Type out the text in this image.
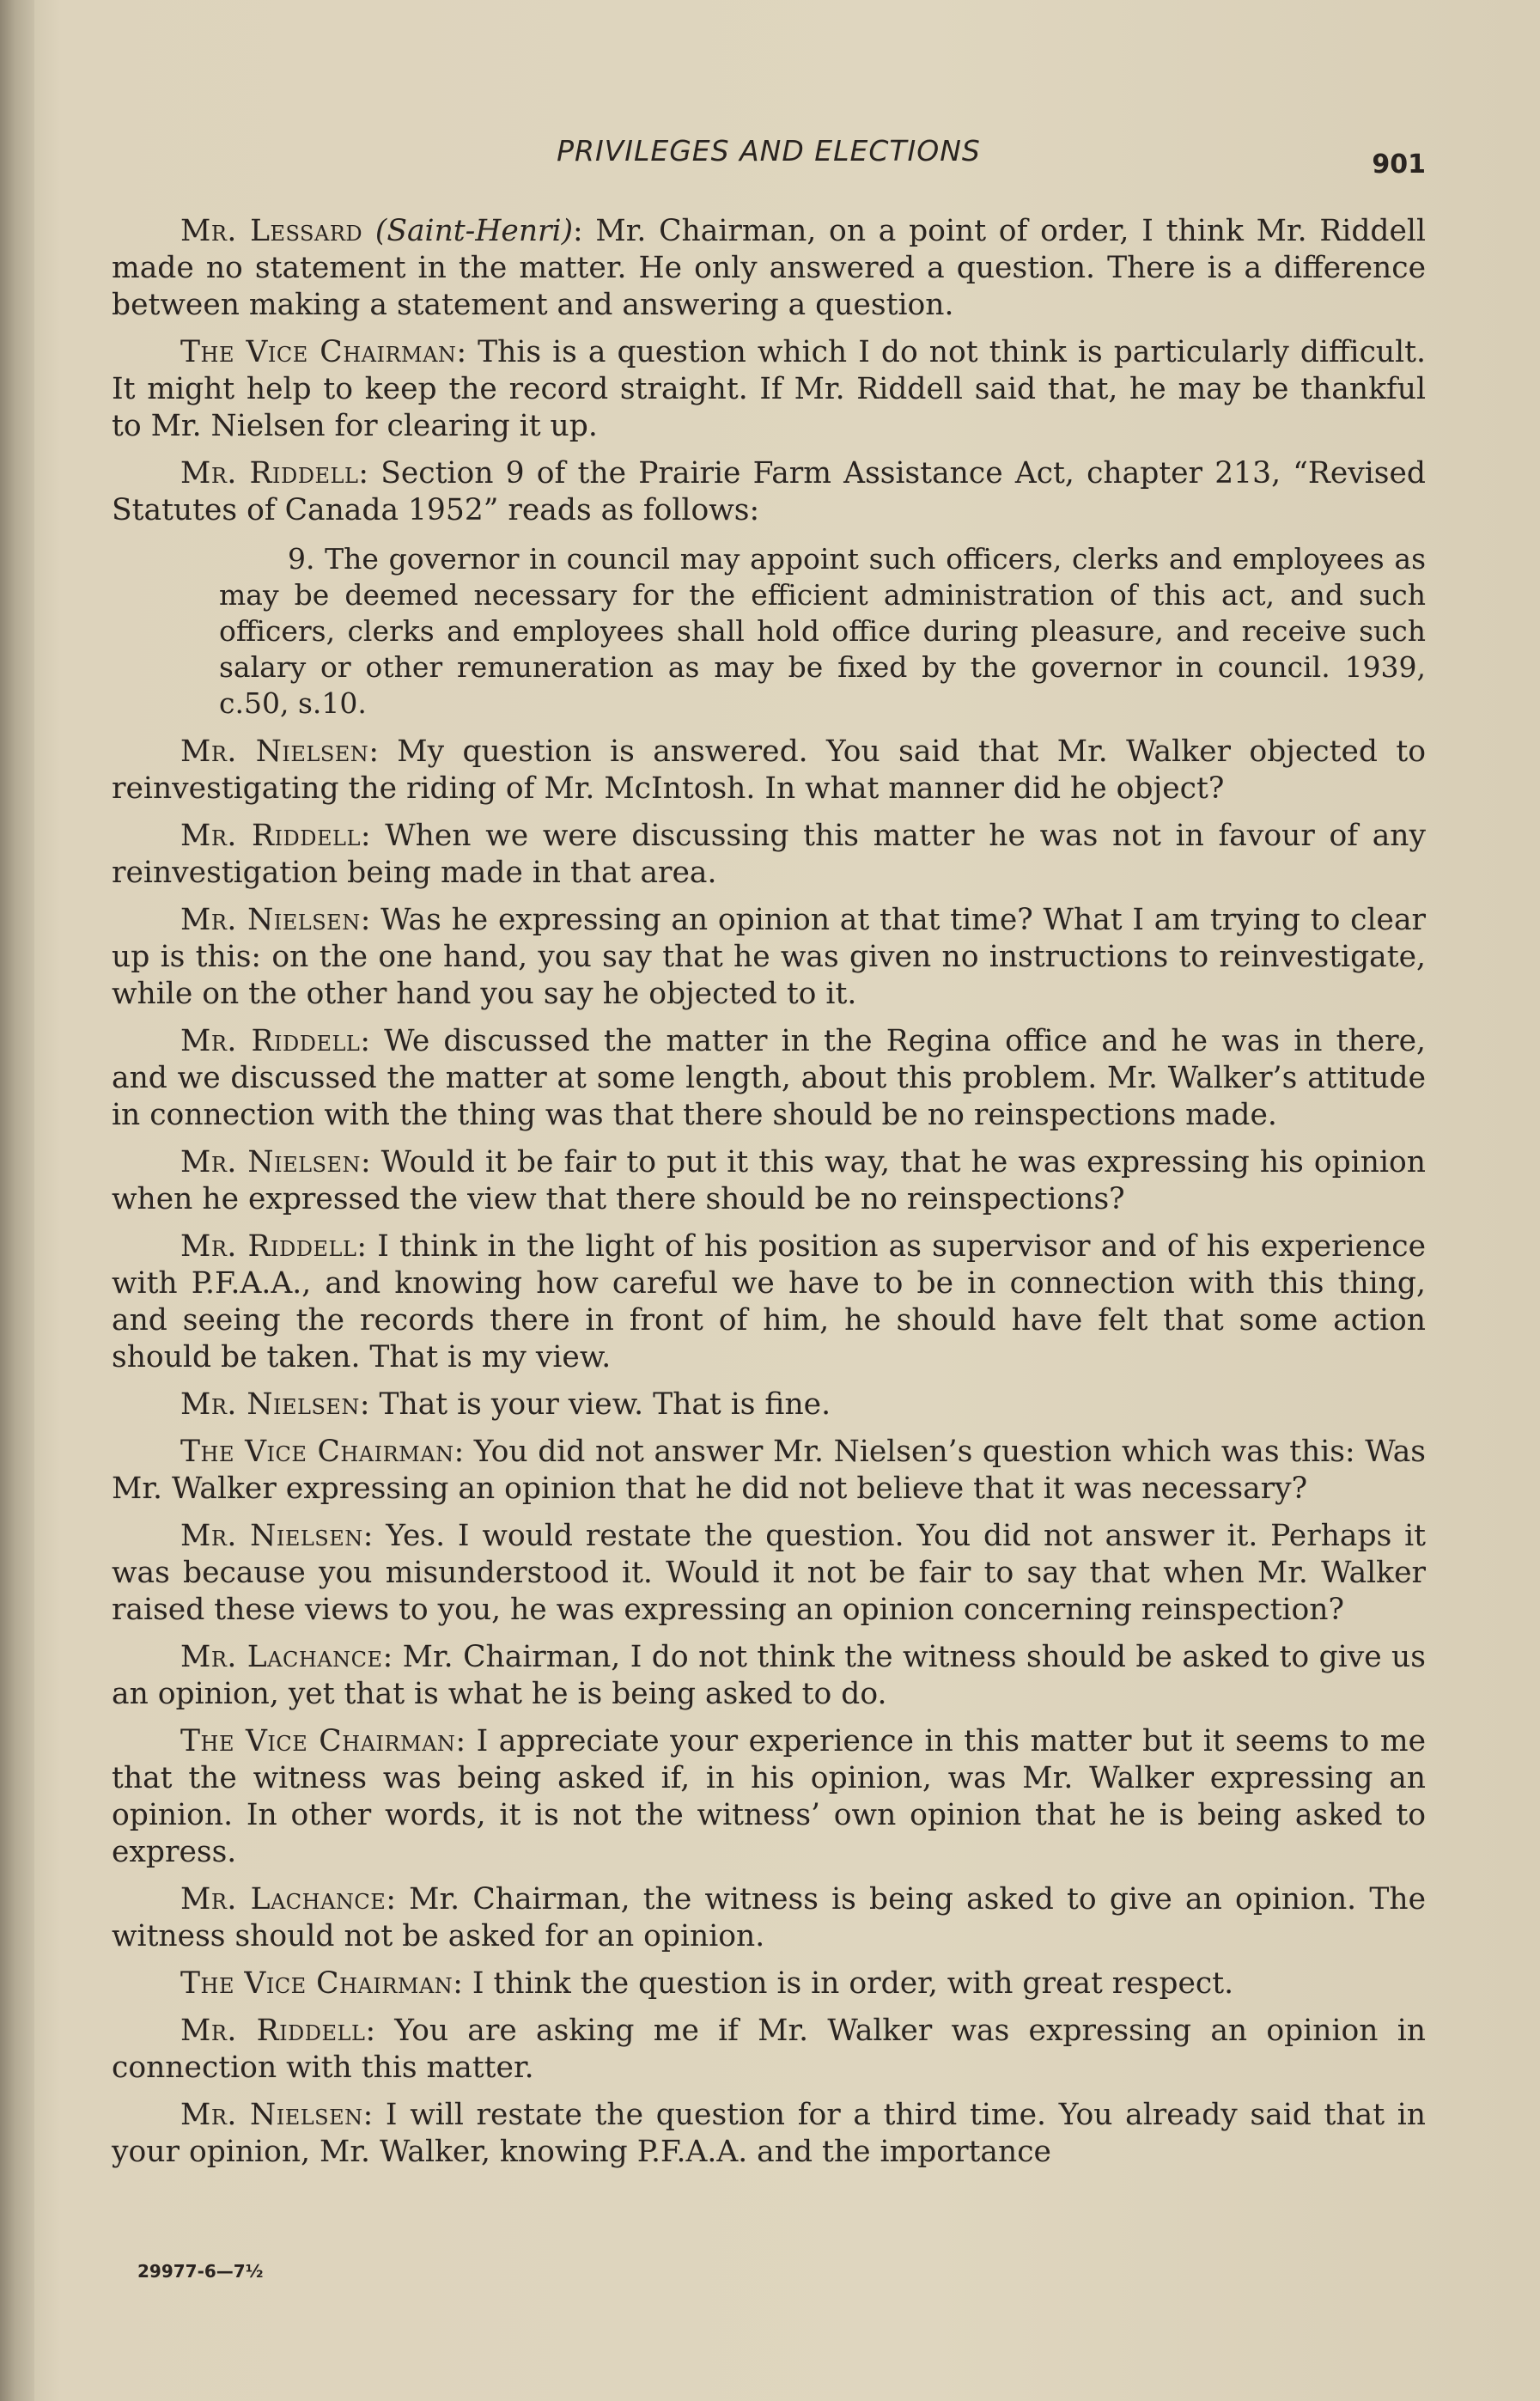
PRIVILEGES AND ELECTIONS	901

Mr. Lessard (Saint-Henri): Mr. Chairman, on a point of order, I think Mr. Riddell made no statement in the matter. He only answered a question. There is a difference between making a statement and answering a question.

The Vice Chairman: This is a question which I do not think is particularly difficult. It might help to keep the record straight. If Mr. Riddell said that, he may be thankful to Mr. Nielsen for clearing it up.

Mr. Riddell: Section 9 of the Prairie Farm Assistance Act, chapter 213, “Revised Statutes of Canada 1952” reads as follows:

9. The governor in council may appoint such officers, clerks and employees as may be deemed necessary for the efficient administration of this act, and such officers, clerks and employees shall hold office during pleasure, and receive such salary or other remuneration as may be fixed by the governor in council. 1939, c.50, s.10.

Mr. Nielsen: My question is answered. You said that Mr. Walker objected to reinvestigating the riding of Mr. McIntosh. In what manner did he object?

Mr. Riddell: When we were discussing this matter he was not in favour of any reinvestigation being made in that area.

Mr. Nielsen: Was he expressing an opinion at that time? What I am trying to clear up is this: on the one hand, you say that he was given no instructions to reinvestigate, while on the other hand you say he objected to it.

Mr. Riddell: We discussed the matter in the Regina office and he was in there, and we discussed the matter at some length, about this problem. Mr. Walker’s attitude in connection with the thing was that there should be no reinspections made.

Mr. Nielsen: Would it be fair to put it this way, that he was expressing his opinion when he expressed the view that there should be no reinspections?

Mr. Riddell: I think in the light of his position as supervisor and of his experience with P.F.A.A., and knowing how careful we have to be in connection with this thing, and seeing the records there in front of him, he should have felt that some action should be taken. That is my view.

Mr. Nielsen: That is your view. That is fine.

The Vice Chairman: You did not answer Mr. Nielsen’s question which was this: Was Mr. Walker expressing an opinion that he did not believe that it was necessary?

Mr. Nielsen: Yes. I would restate the question. You did not answer it. Perhaps it was because you misunderstood it. Would it not be fair to say that when Mr. Walker raised these views to you, he was expressing an opinion concerning reinspection?

Mr. Lachance: Mr. Chairman, I do not think the witness should be asked to give us an opinion, yet that is what he is being asked to do.

The Vice Chairman: I appreciate your experience in this matter but it seems to me that the witness was being asked if, in his opinion, was Mr. Walker expressing an opinion. In other words, it is not the witness’ own opinion that he is being asked to express.

Mr. Lachance: Mr. Chairman, the witness is being asked to give an opinion. The witness should not be asked for an opinion.

The Vice Chairman: I think the question is in order, with great respect.

Mr. Riddell: You are asking me if Mr. Walker was expressing an opinion in connection with this matter.

Mr. Nielsen: I will restate the question for a third time. You already said that in your opinion, Mr. Walker, knowing P.F.A.A. and the importance

29977-6—7½
